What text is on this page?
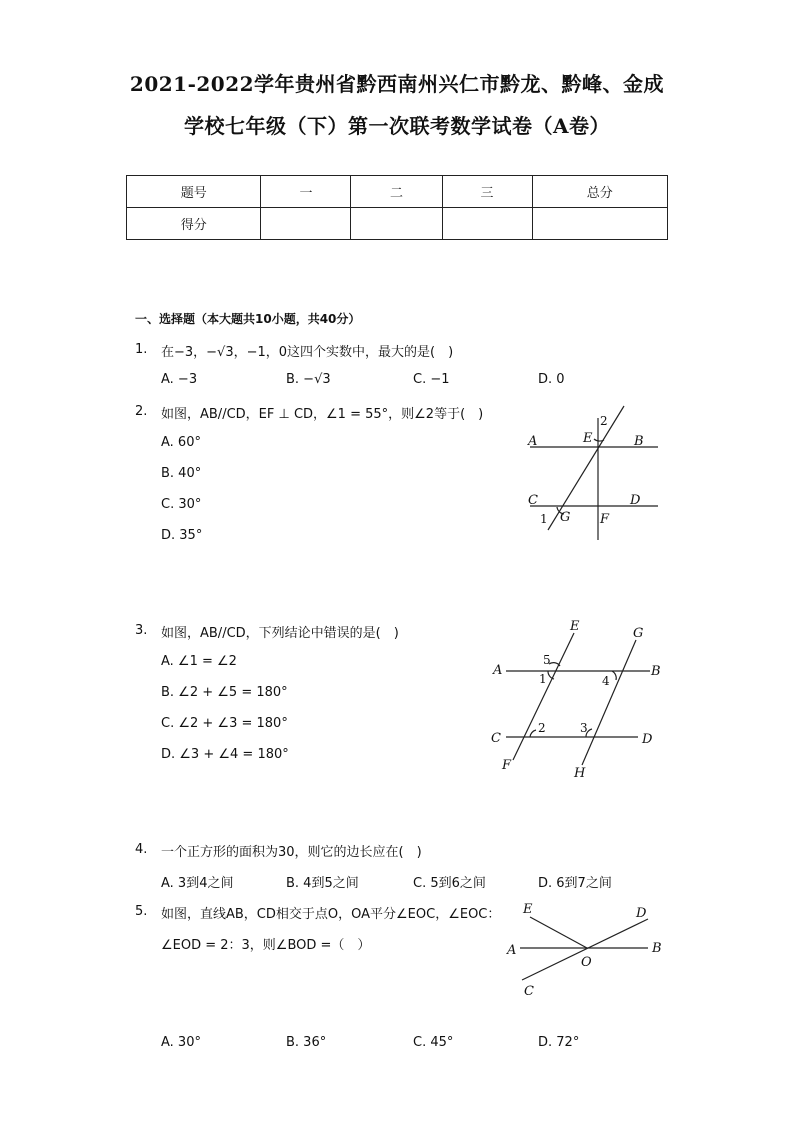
2021-2022学年贵州省黔西南州兴仁市黔龙、黔峰、金成
学校七年级（下）第一次联考数学试卷（A卷）
题号	一	二	三	总分
得分				
一、选择题（本大题共10小题，共40分）
1. 在−3，−√3，−1，0这四个实数中，最大的是(　)
A. −3	B. −√3	C. −1	D. 0
2. 如图，AB//CD，EF ⊥ CD，∠1 = 55°，则∠2等于(　)
A. 60°
B. 40°
C. 30°
D. 35°
A	E	B
2
C	D
1 G F
3. 如图，AB//CD，下列结论中错误的是(　)
A. ∠1 = ∠2
B. ∠2 + ∠5 = 180°
C. ∠2 + ∠3 = 180°
D. ∠3 + ∠4 = 180°
E	G
A	B
5
1	4
C	D
2	3
F
H
4. 一个正方形的面积为30，则它的边长应在(　)
A. 3到4之间	B. 4到5之间	C. 5到6之间	D. 6到7之间
5. 如图，直线AB，CD相交于点O，OA平分∠EOC，∠EOC：
∠EOD = 2：3，则∠BOD =（　）
A. 30°	B. 36°	C. 45°	D. 72°
E	D
A
O
B
C
